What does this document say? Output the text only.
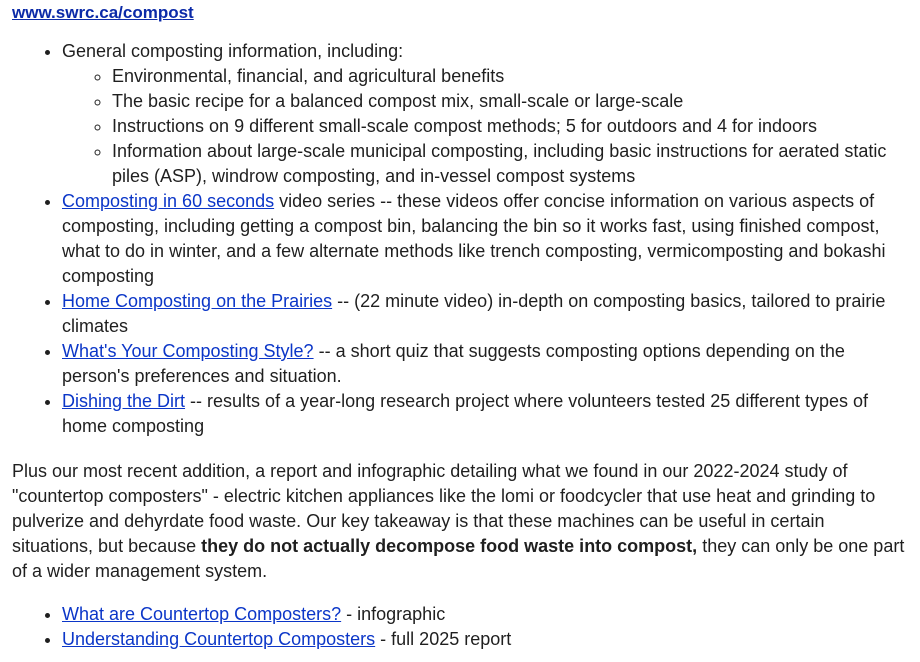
www.swrc.ca/compost
• General composting information, including:
◦ Environmental, financial, and agricultural benefits
◦ The basic recipe for a balanced compost mix, small-scale or large-scale
◦ Instructions on 9 different small-scale compost methods; 5 for outdoors and 4 for indoors
◦ Information about large-scale municipal composting, including basic instructions for aerated static piles (ASP), windrow composting, and in-vessel compost systems
• Composting in 60 seconds video series -- these videos offer concise information on various aspects of composting, including getting a compost bin, balancing the bin so it works fast, using finished compost, what to do in winter, and a few alternate methods like trench composting, vermicomposting and bokashi composting
• Home Composting on the Prairies -- (22 minute video) in-depth on composting basics, tailored to prairie climates
• What's Your Composting Style? -- a short quiz that suggests composting options depending on the person's preferences and situation.
• Dishing the Dirt -- results of a year-long research project where volunteers tested 25 different types of home composting

Plus our most recent addition, a report and infographic detailing what we found in our 2022-2024 study of "countertop composters" - electric kitchen appliances like the lomi or foodcycler that use heat and grinding to pulverize and dehyrdate food waste. Our key takeaway is that these machines can be useful in certain situations, but because they do not actually decompose food waste into compost, they can only be one part of a wider management system.

• What are Countertop Composters? - infographic
• Understanding Countertop Composters - full 2025 report
